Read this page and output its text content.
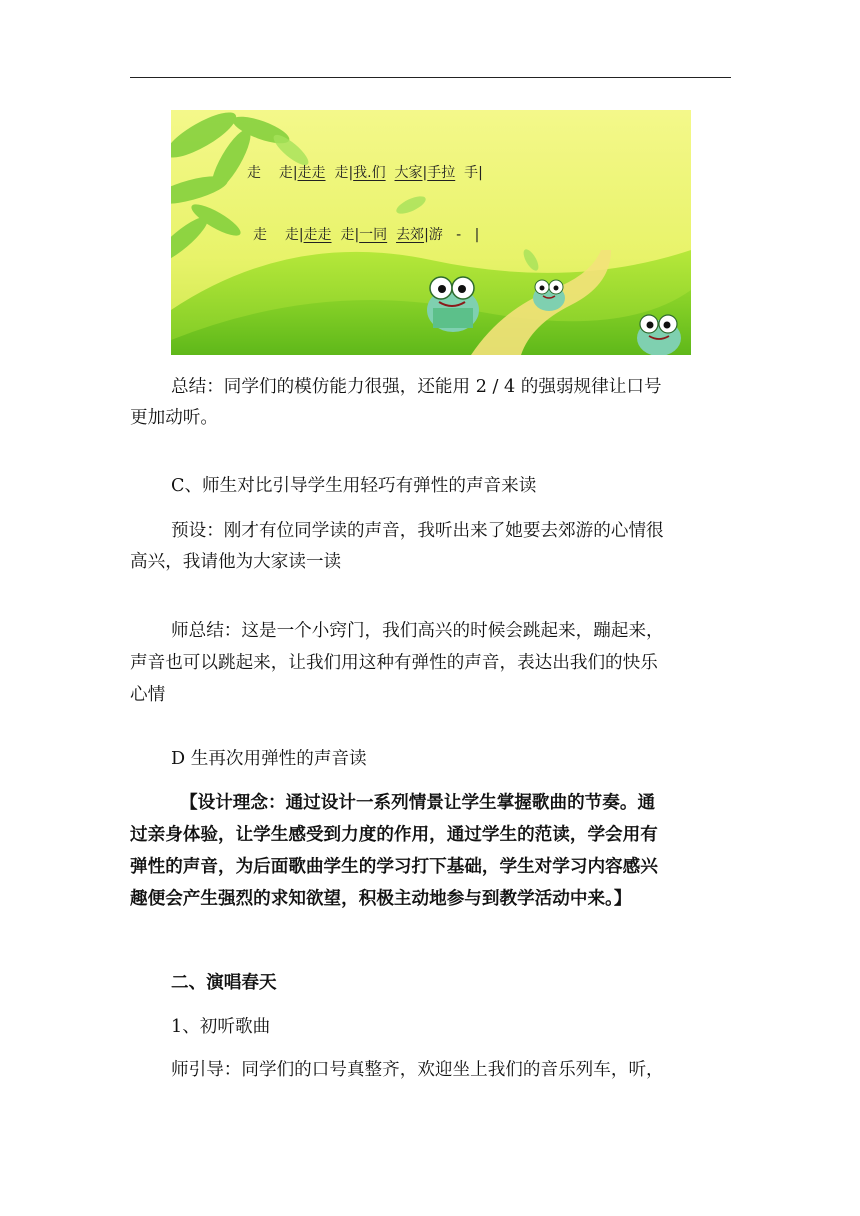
走 走|走走 走|我.们 大家|手拉 手|
走 走|走走 走|一同 去郊|游 - |
总结：同学们的模仿能力很强，还能用 2 / 4 的强弱规律让口号
更加动听。
C、师生对比引导学生用轻巧有弹性的声音来读
预设：刚才有位同学读的声音，我听出来了她要去郊游的心情很
高兴，我请他为大家读一读
师总结：这是一个小窍门，我们高兴的时候会跳起来，蹦起来，
声音也可以跳起来，让我们用这种有弹性的声音，表达出我们的快乐
心情
D 生再次用弹性的声音读
【设计理念：通过设计一系列情景让学生掌握歌曲的节奏。通
过亲身体验，让学生感受到力度的作用，通过学生的范读，学会用有
弹性的声音，为后面歌曲学生的学习打下基础，学生对学习内容感兴
趣便会产生强烈的求知欲望，积极主动地参与到教学活动中来。】
二、演唱春天
1、初听歌曲
师引导：同学们的口号真整齐，欢迎坐上我们的音乐列车，听，
